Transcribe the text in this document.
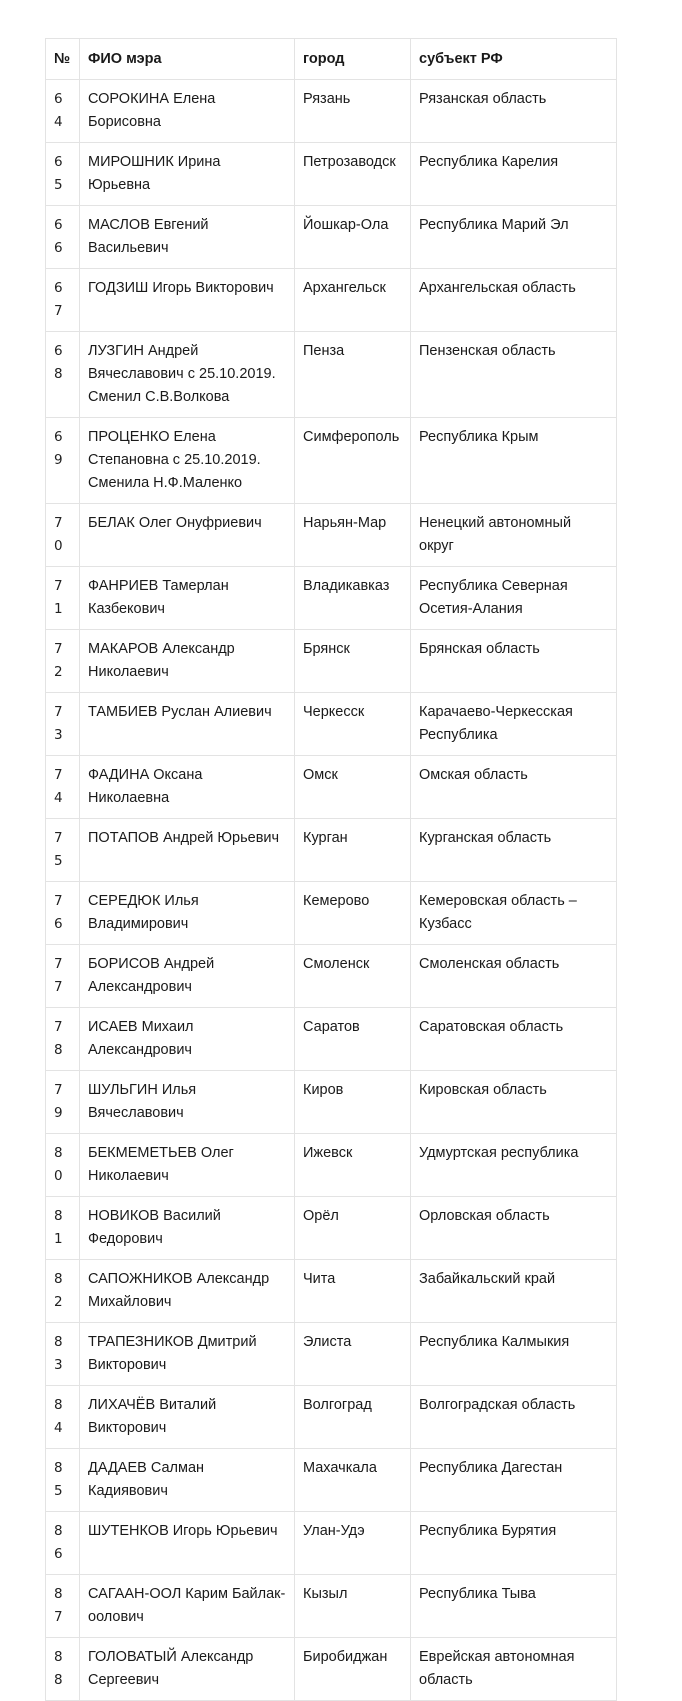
№	ФИО мэра	город	субъект РФ
64	СОРОКИНА Елена Борисовна	Рязань	Рязанская область
65	МИРОШНИК Ирина Юрьевна	Петрозаводск	Республика Карелия
66	МАСЛОВ Евгений Васильевич	Йошкар-Ола	Республика Марий Эл
67	ГОДЗИШ Игорь Викторович	Архангельск	Архангельская область
68	ЛУЗГИН Андрей Вячеславович с 25.10.2019. Сменил С.В.Волкова	Пенза	Пензенская область
69	ПРОЦЕНКО Елена Степановна с 25.10.2019. Сменила Н.Ф.Маленко	Симферополь	Республика Крым
70	БЕЛАК Олег Онуфриевич	Нарьян-Мар	Ненецкий автономный округ
71	ФАНРИЕВ Тамерлан Казбекович	Владикавказ	Республика Северная Осетия-Алания
72	МАКАРОВ Александр Николаевич	Брянск	Брянская область
73	ТАМБИЕВ Руслан Алиевич	Черкесск	Карачаево-Черкесская Республика
74	ФАДИНА Оксана Николаевна	Омск	Омская область
75	ПОТАПОВ Андрей Юрьевич	Курган	Курганская область
76	СЕРЕДЮК Илья Владимирович	Кемерово	Кемеровская область – Кузбасс
77	БОРИСОВ Андрей Александрович	Смоленск	Смоленская область
78	ИСАЕВ Михаил Александрович	Саратов	Саратовская область
79	ШУЛЬГИН Илья Вячеславович	Киров	Кировская область
80	БЕКМЕМЕТЬЕВ Олег Николаевич	Ижевск	Удмуртская республика
81	НОВИКОВ Василий Федорович	Орёл	Орловская область
82	САПОЖНИКОВ Александр Михайлович	Чита	Забайкальский край
83	ТРАПЕЗНИКОВ Дмитрий Викторович	Элиста	Республика Калмыкия
84	ЛИХАЧЁВ Виталий Викторович	Волгоград	Волгоградская область
85	ДАДАЕВ Салман Кадиявович	Махачкала	Республика Дагестан
86	ШУТЕНКОВ Игорь Юрьевич	Улан-Удэ	Республика Бурятия
87	САГААН-ООЛ Карим Байлак-оолович	Кызыл	Республика Тыва
88	ГОЛОВАТЫЙ Александр Сергеевич	Биробиджан	Еврейская автономная область
